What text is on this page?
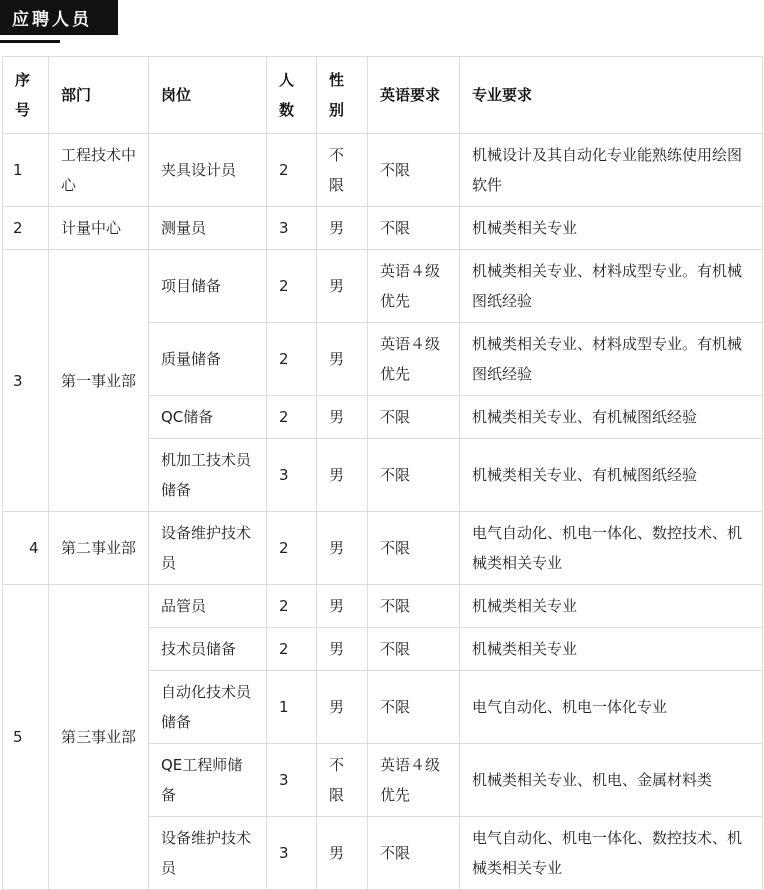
应聘人员
序号	部门	岗位	人数	性别	英语要求	专业要求
1	工程技术中心	夹具设计员	2	不限	不限	机械设计及其自动化专业能熟练使用绘图软件
2	计量中心	测量员	3	男	不限	机械类相关专业
3	第一事业部	项目储备	2	男	英语４级优先	机械类相关专业、材料成型专业。有机械图纸经验
		质量储备	2	男	英语４级优先	机械类相关专业、材料成型专业。有机械图纸经验
		QC储备	2	男	不限	机械类相关专业、有机械图纸经验
		机加工技术员储备	3	男	不限	机械类相关专业、有机械图纸经验
4	第二事业部	设备维护技术员	2	男	不限	电气自动化、机电一体化、数控技术、机械类相关专业
5	第三事业部	品管员	2	男	不限	机械类相关专业
		技术员储备	2	男	不限	机械类相关专业
		自动化技术员储备	1	男	不限	电气自动化、机电一体化专业
		QE工程师储备	3	不限	英语４级优先	机械类相关专业、机电、金属材料类
		设备维护技术员	3	男	不限	电气自动化、机电一体化、数控技术、机械类相关专业
